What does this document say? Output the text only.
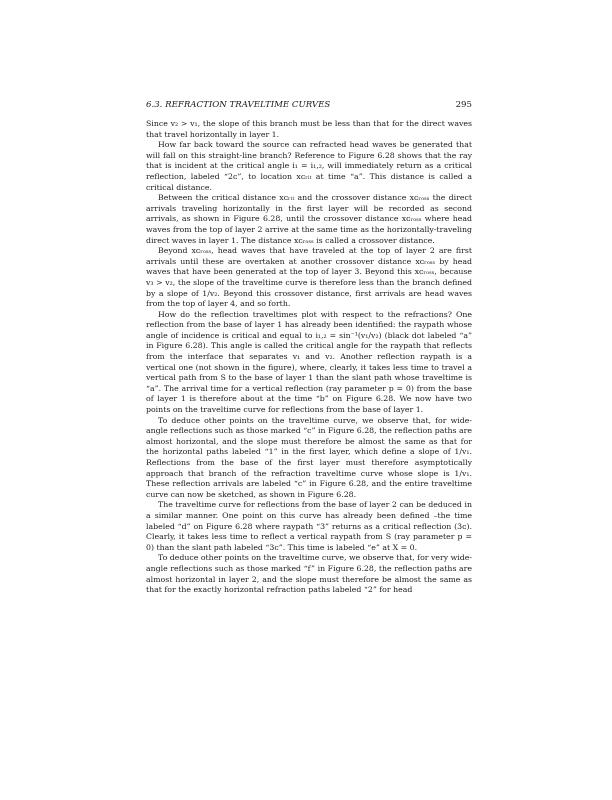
6.3. REFRACTION TRAVELTIME CURVES	295

Since v₂ > v₁, the slope of this branch must be less than that for the direct waves that travel horizontally in layer 1.

How far back toward the source can refracted head waves be generated that will fall on this straight-line branch? Reference to Figure 6.28 shows that the ray that is incident at the critical angle i₁ = i₁,₂, will immediately return as a critical reflection, labeled “2ᴄ”, to location xᴄᵣᵢₜ at time “a”. This distance is called a critical distance.

Between the critical distance xᴄᵣᵢₜ and the crossover distance xᴄᵣₒₛₛ the direct arrivals traveling horizontally in the first layer will be recorded as second arrivals, as shown in Figure 6.28, until the crossover distance xᴄᵣₒₛₛ where head waves from the top of layer 2 arrive at the same time as the horizontally-traveling direct waves in layer 1. The distance xᴄᵣₒₛₛ is called a crossover distance.

Beyond xᴄᵣₒₛₛ, head waves that have traveled at the top of layer 2 are first arrivals until these are overtaken at another crossover distance xᴄᵣₒₛₛ by head waves that have been generated at the top of layer 3. Beyond this xᴄᵣₒₛₛ, because v₃ > v₂, the slope of the traveltime curve is therefore less than the branch defined by a slope of 1/v₂. Beyond this crossover distance, first arrivals are head waves from the top of layer 4, and so forth.

How do the reflection traveltimes plot with respect to the refractions? One reflection from the base of layer 1 has already been identified: the raypath whose angle of incidence is critical and equal to i₁,₂ = sin⁻¹(v₁/v₂) (black dot labeled “a” in Figure 6.28). This angle is called the critical angle for the raypath that reflects from the interface that separates v₁ and v₂. Another reflection raypath is a vertical one (not shown in the figure), where, clearly, it takes less time to travel a vertical path from S to the base of layer 1 than the slant path whose traveltime is “a”. The arrival time for a vertical reflection (ray parameter p = 0) from the base of layer 1 is therefore about at the time “b” on Figure 6.28. We now have two points on the traveltime curve for reflections from the base of layer 1.

To deduce other points on the traveltime curve, we observe that, for wide-angle reflections such as those marked “c” in Figure 6.28, the reflection paths are almost horizontal, and the slope must therefore be almost the same as that for the horizontal paths labeled “1” in the first layer, which define a slope of 1/v₁. Reflections from the base of the first layer must therefore asymptotically approach that branch of the refraction traveltime curve whose slope is 1/v₁. These reflection arrivals are labeled “c” in Figure 6.28, and the entire traveltime curve can now be sketched, as shown in Figure 6.28.

The traveltime curve for reflections from the base of layer 2 can be deduced in a similar manner. One point on this curve has already been defined –the time labeled “d” on Figure 6.28 where raypath “3” returns as a critical reflection (3ᴄ). Clearly, it takes less time to reflect a vertical raypath from S (ray parameter p = 0) than the slant path labeled “3ᴄ”. This time is labeled “e” at X = 0.

To deduce other points on the traveltime curve, we observe that, for very wide-angle reflections such as those marked “f” in Figure 6.28, the reflection paths are almost horizontal in layer 2, and the slope must therefore be almost the same as that for the exactly horizontal refraction paths labeled “2” for head
